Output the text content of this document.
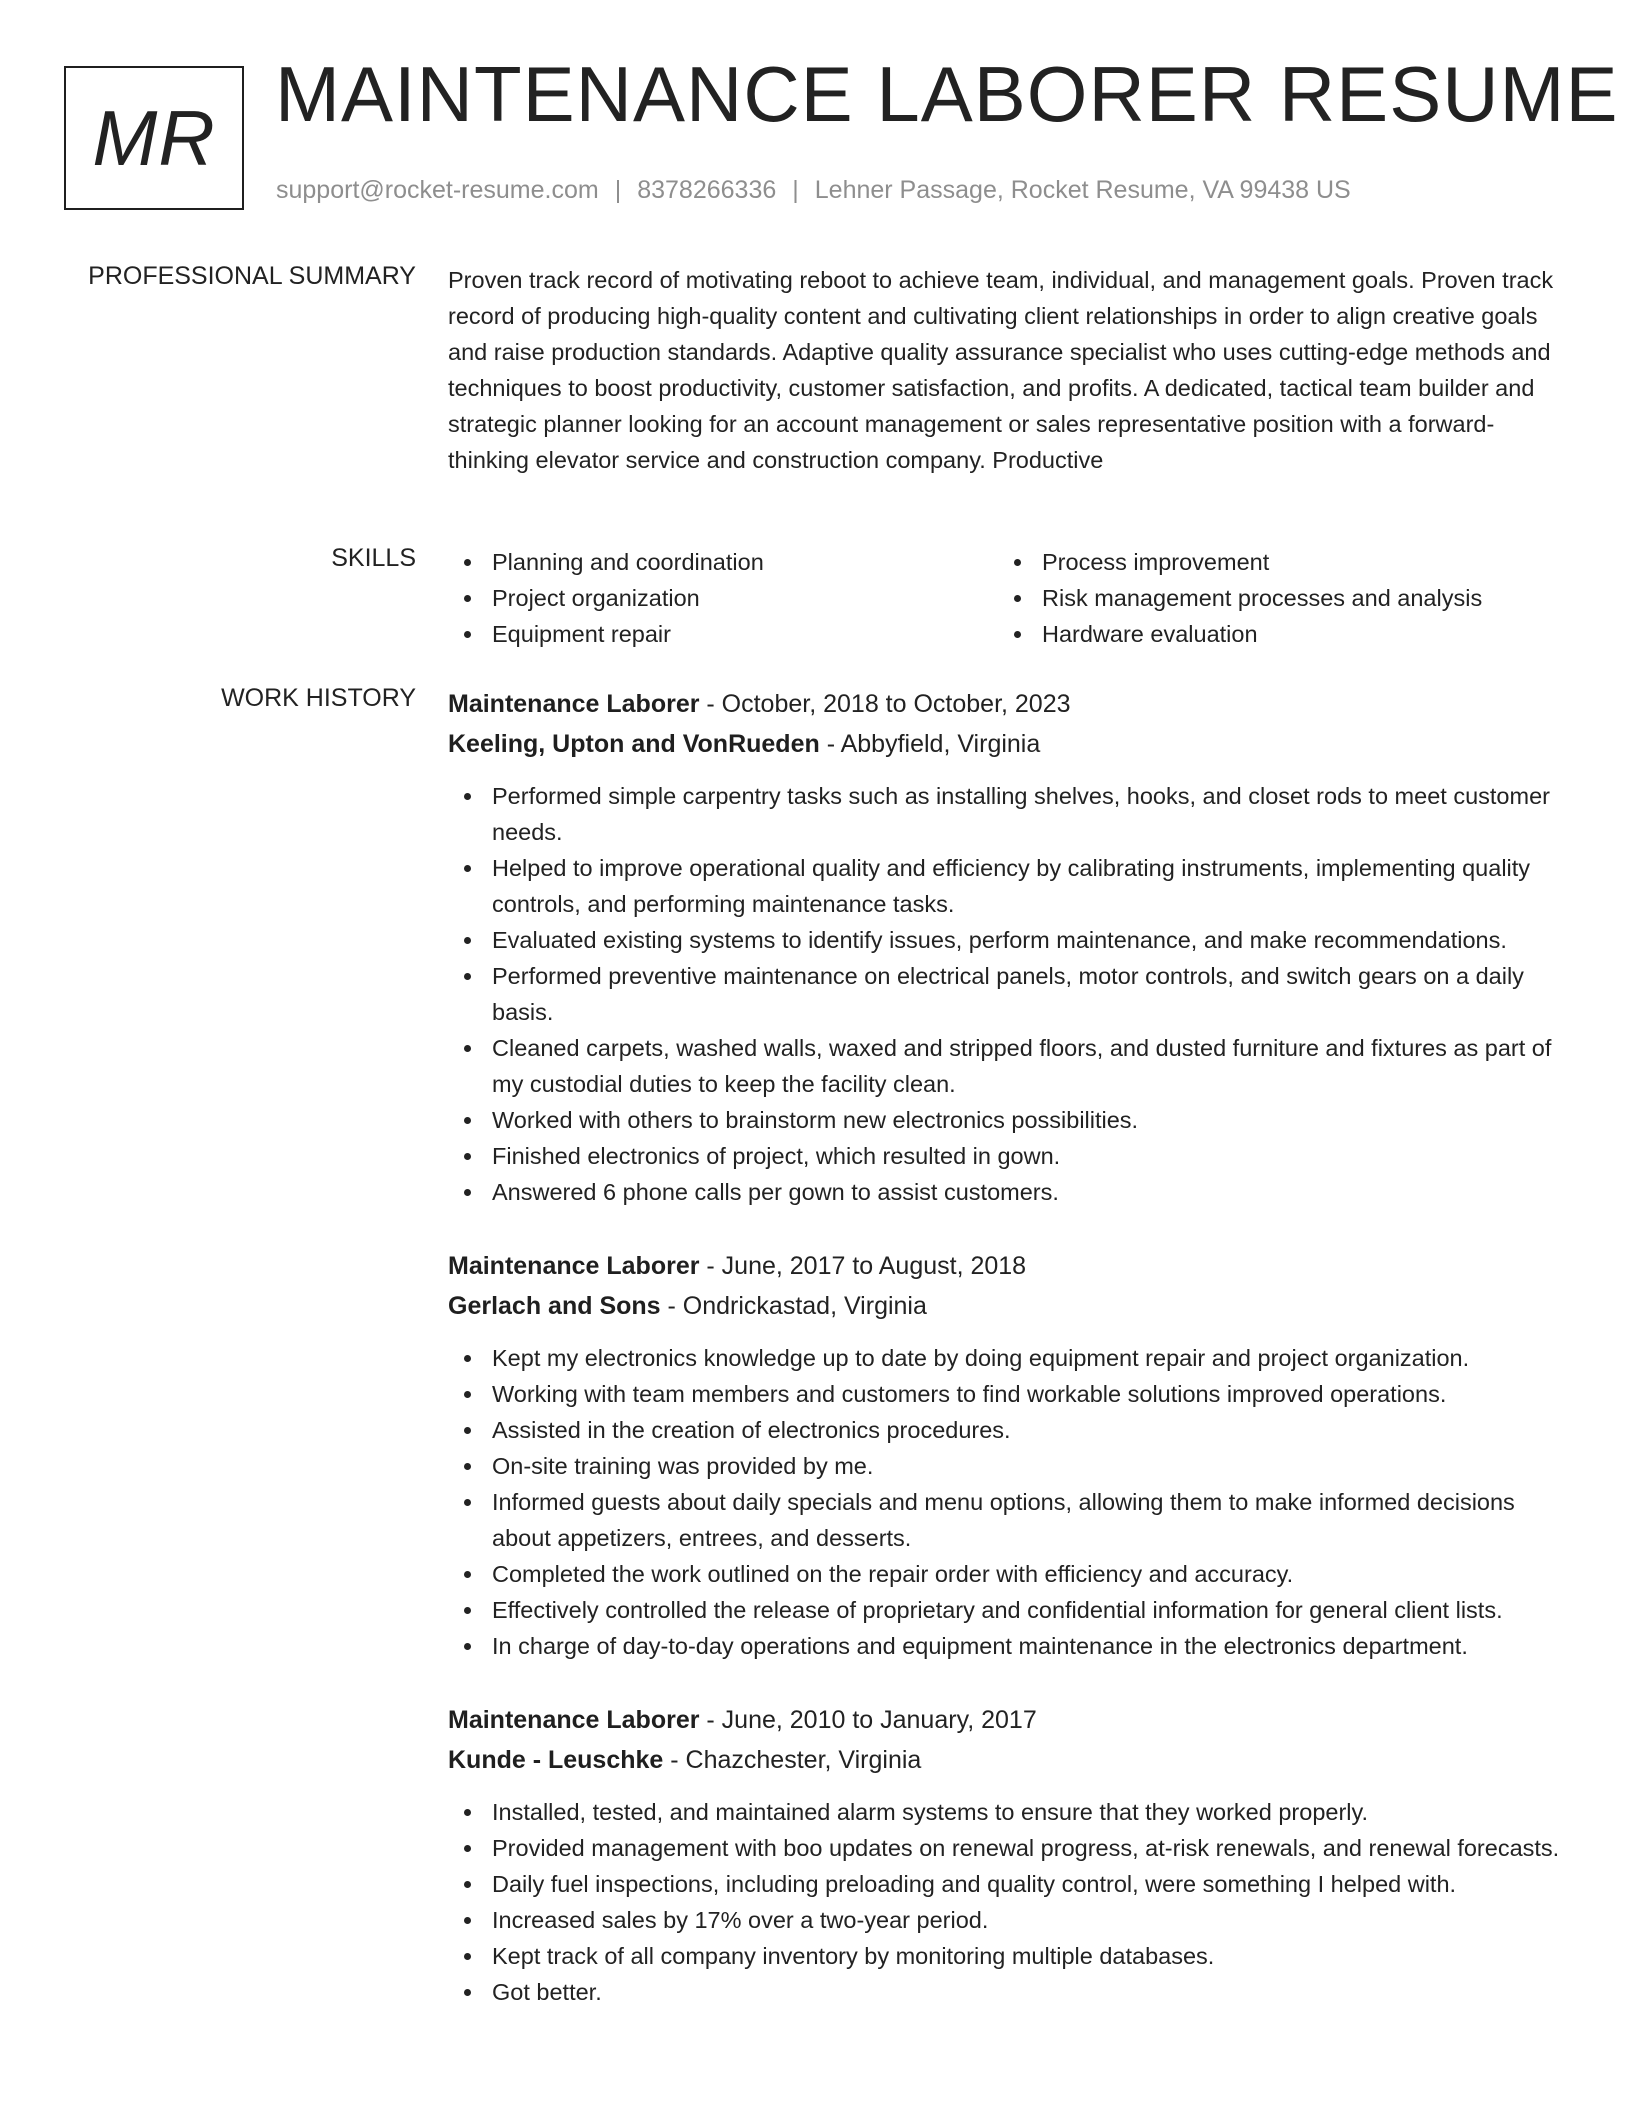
MR MAINTENANCE LABORER RESUME
support@rocket-resume.com | 8378266336 | Lehner Passage, Rocket Resume, VA 99438 US
PROFESSIONAL SUMMARY Proven track record of motivating reboot to achieve team, individual, and management goals. Proven track record of producing high-quality content and cultivating client relationships in order to align creative goals and raise production standards. Adaptive quality assurance specialist who uses cutting-edge methods and techniques to boost productivity, customer satisfaction, and profits. A dedicated, tactical team builder and strategic planner looking for an account management or sales representative position with a forward-thinking elevator service and construction company. Productive

SKILLS	Planning and coordination
Project organization
Equipment repair
Process improvement
Risk management processes and analysis
Hardware evaluation
WORK HISTORY Maintenance Laborer - October, 2018 to October, 2023
Keeling, Upton and VonRueden - Abbyfield, Virginia
Performed simple carpentry tasks such as installing shelves, hooks, and closet rods to meet customer needs.
Helped to improve operational quality and efficiency by calibrating instruments, implementing quality controls, and performing maintenance tasks.
Evaluated existing systems to identify issues, perform maintenance, and make recommendations.
Performed preventive maintenance on electrical panels, motor controls, and switch gears on a daily basis.
Cleaned carpets, washed walls, waxed and stripped floors, and dusted furniture and fixtures as part of my custodial duties to keep the facility clean.
Worked with others to brainstorm new electronics possibilities.
Finished electronics of project, which resulted in gown.
Answered 6 phone calls per gown to assist customers.
Maintenance Laborer - June, 2017 to August, 2018
Gerlach and Sons - Ondrickastad, Virginia
Kept my electronics knowledge up to date by doing equipment repair and project organization.
Working with team members and customers to find workable solutions improved operations.
Assisted in the creation of electronics procedures.
On-site training was provided by me.
Informed guests about daily specials and menu options, allowing them to make informed decisions about appetizers, entrees, and desserts.
Completed the work outlined on the repair order with efficiency and accuracy.
Effectively controlled the release of proprietary and confidential information for general client lists.
In charge of day-to-day operations and equipment maintenance in the electronics department.
Maintenance Laborer - June, 2010 to January, 2017
Kunde - Leuschke - Chazchester, Virginia
Installed, tested, and maintained alarm systems to ensure that they worked properly.
Provided management with boo updates on renewal progress, at-risk renewals, and renewal forecasts.
Daily fuel inspections, including preloading and quality control, were something I helped with.
Increased sales by 17% over a two-year period.
Kept track of all company inventory by monitoring multiple databases.
Got better.
